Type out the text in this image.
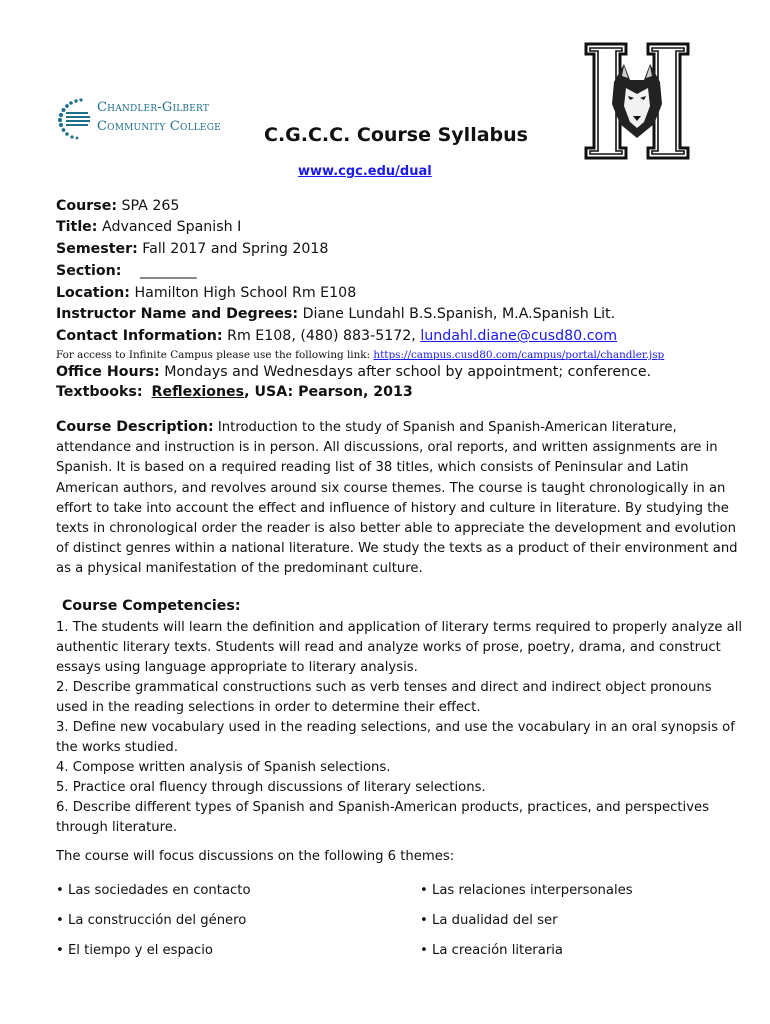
Chandler-Gilbert
Community College C.G.C.C. Course Syllabus
www.cgc.edu/dual
Course: SPA 265
Title: Advanced Spanish I
Semester: Fall 2017 and Spring 2018
Section: ________
Location: Hamilton High School Rm E108
Instructor Name and Degrees: Diane Lundahl B.S.Spanish, M.A.Spanish Lit.
Contact Information: Rm E108, (480) 883-5172, lundahl.diane@cusd80.com
For access to Infinite Campus please use the following link: https://campus.cusd80.com/campus/portal/chandler.jsp
Office Hours: Mondays and Wednesdays after school by appointment; conference.
Textbooks: Reflexiones, USA: Pearson, 2013
Course Description: Introduction to the study of Spanish and Spanish-American literature, attendance and instruction is in person. All discussions, oral reports, and written assignments are in Spanish. It is based on a required reading list of 38 titles, which consists of Peninsular and Latin American authors, and revolves around six course themes. The course is taught chronologically in an effort to take into account the effect and influence of history and culture in literature. By studying the texts in chronological order the reader is also better able to appreciate the development and evolution of distinct genres within a national literature. We study the texts as a product of their environment and as a physical manifestation of the predominant culture.
Course Competencies:
1. The students will learn the definition and application of literary terms required to properly analyze all authentic literary texts. Students will read and analyze works of prose, poetry, drama, and construct essays using language appropriate to literary analysis.
2. Describe grammatical constructions such as verb tenses and direct and indirect object pronouns used in the reading selections in order to determine their effect.
3. Define new vocabulary used in the reading selections, and use the vocabulary in an oral synopsis of the works studied.
4. Compose written analysis of Spanish selections.
5. Practice oral fluency through discussions of literary selections.
6. Describe different types of Spanish and Spanish-American products, practices, and perspectives through literature.
The course will focus discussions on the following 6 themes:
• Las sociedades en contacto	• Las relaciones interpersonales
• La construcción del género	• La dualidad del ser
• El tiempo y el espacio	• La creación literaria
